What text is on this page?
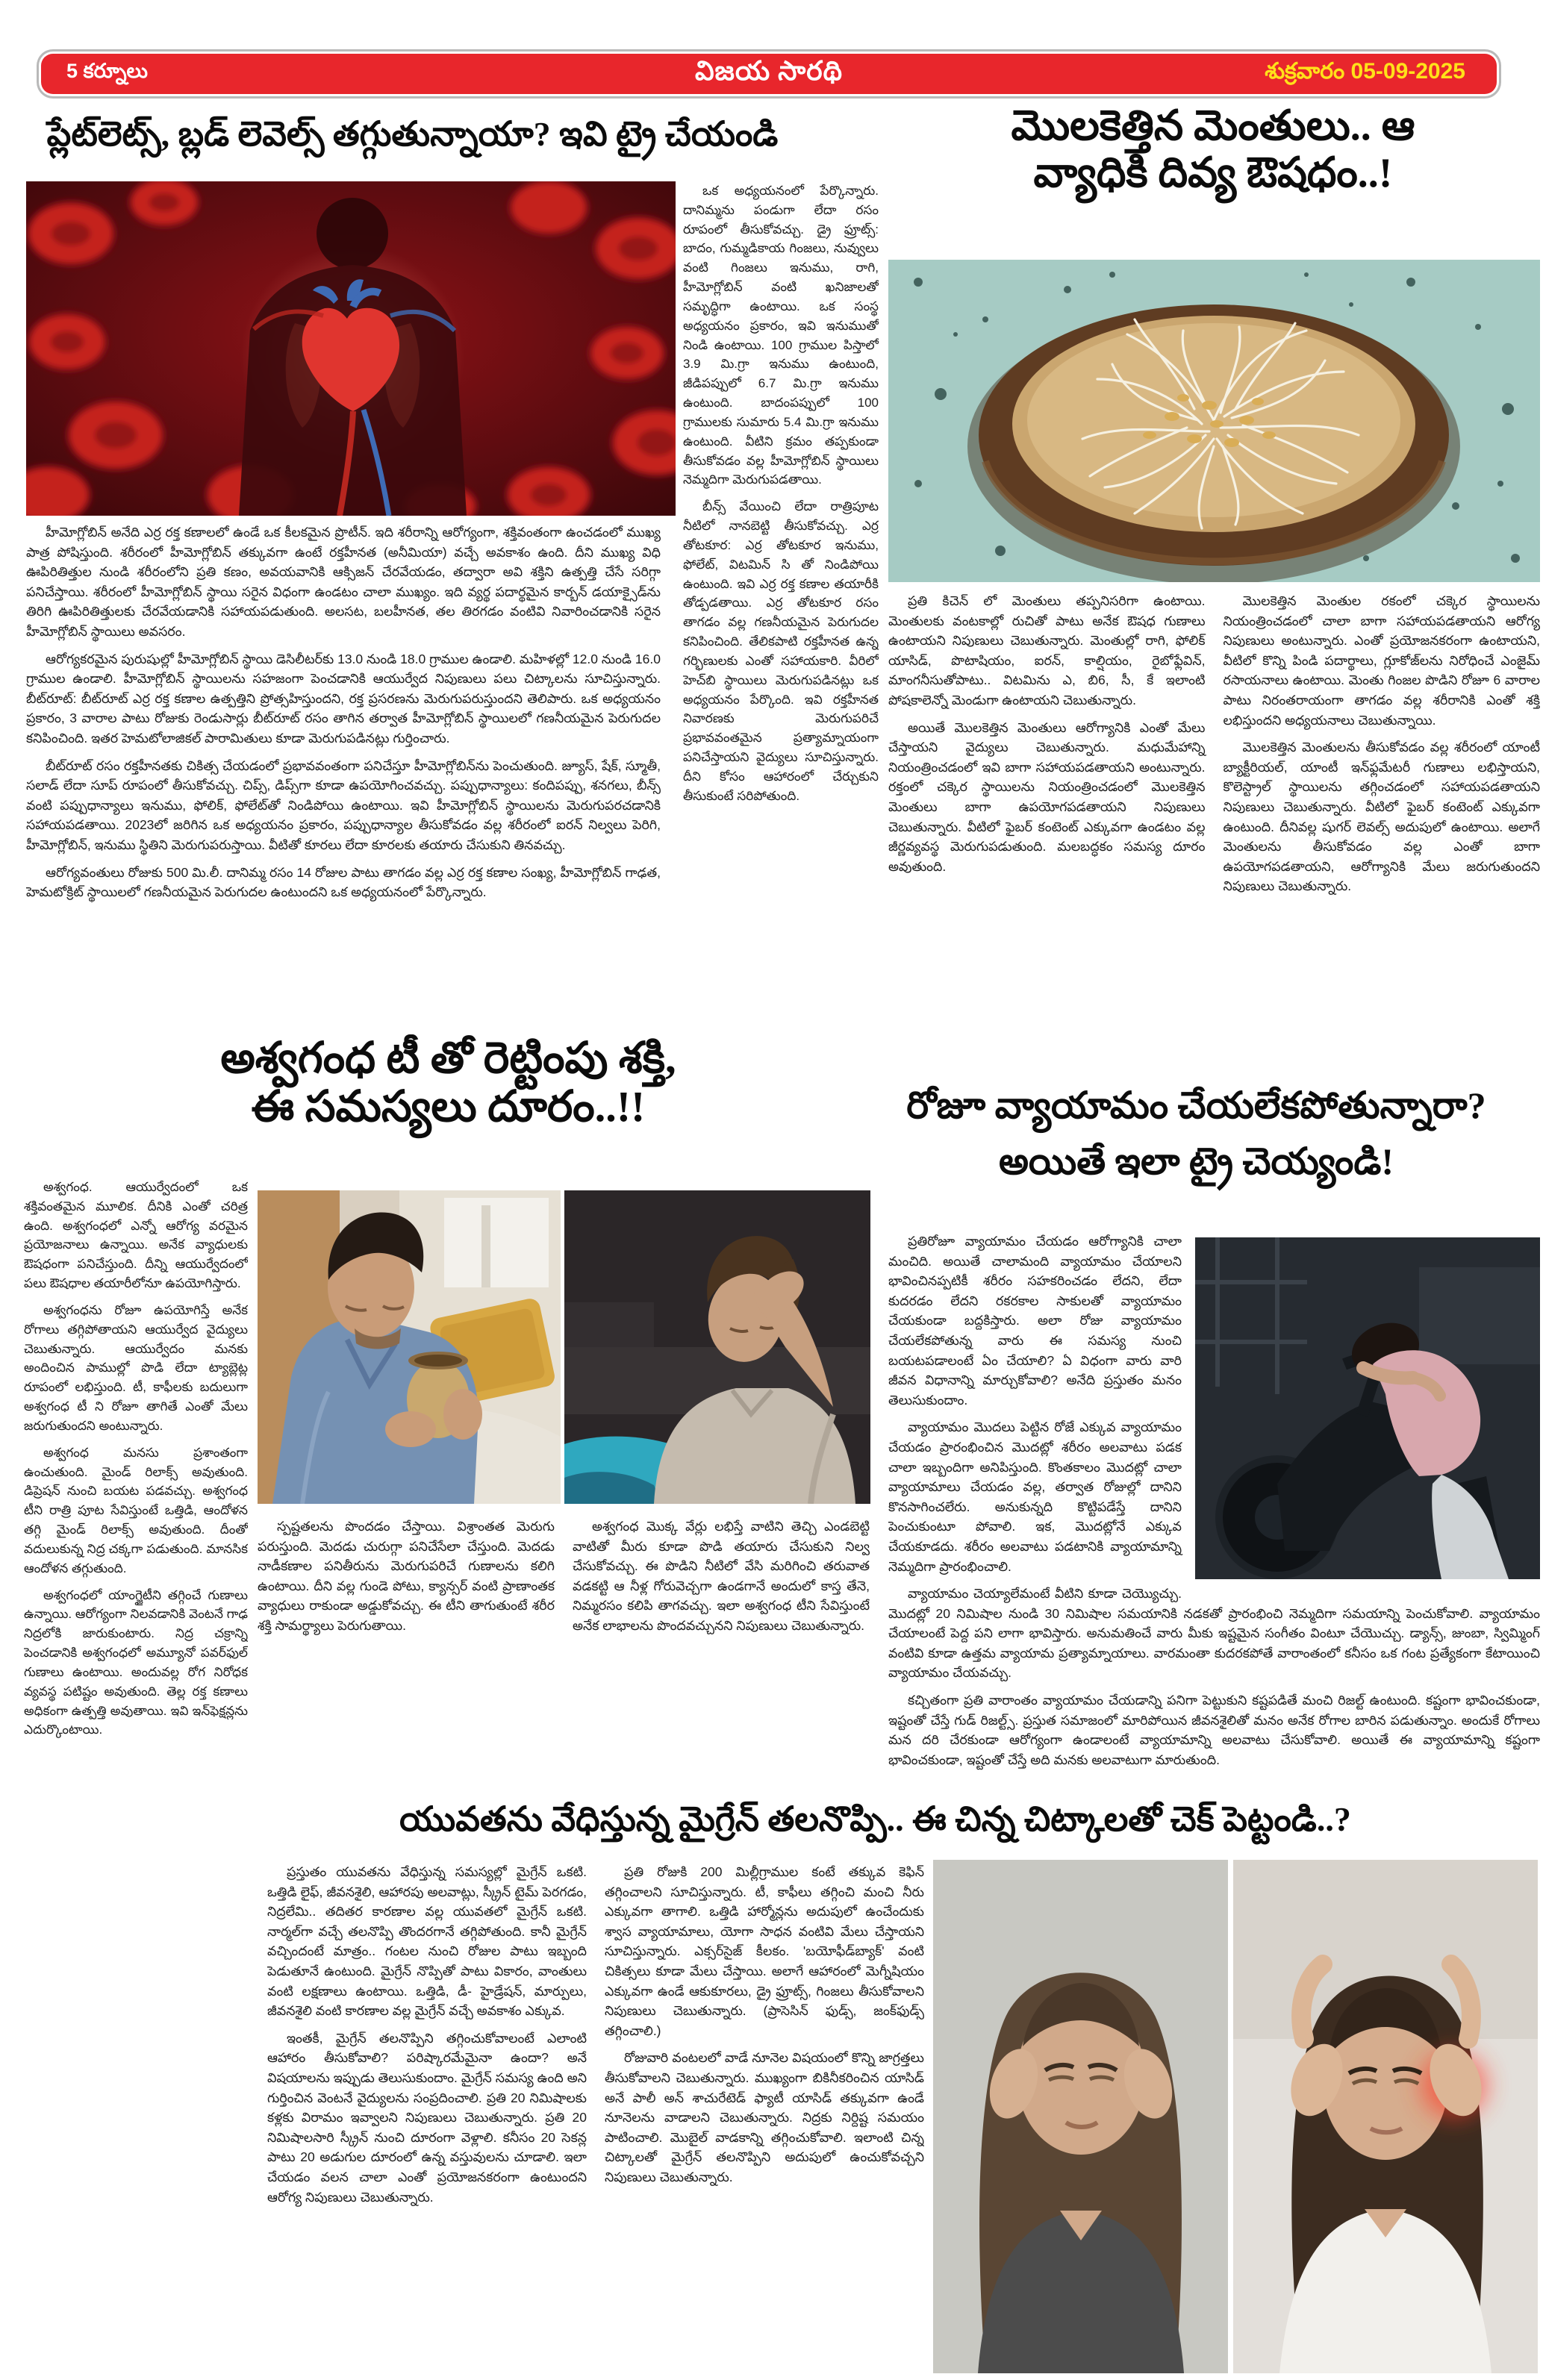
5 కర్నూలు	విజయ సారథి	శుక్రవారం 05-09-2025
ప్లేట్‌లెట్స్, బ్లడ్ లెవెల్స్ తగ్గుతున్నాయా? ఇవి ట్రై చేయండి

ఒక అధ్యయనంలో పేర్కొన్నారు. దానిమ్మను పండుగా లేదా రసం రూపంలో తీసుకోవచ్చు. డ్రై ఫ్రూట్స్: బాదం, గుమ్మడికాయ గింజలు, నువ్వులు వంటి గింజలు ఇనుము, రాగి, హీమోగ్లోబిన్ వంటి ఖనిజాలతో సమృద్ధిగా ఉంటాయి. ఒక సంస్థ అధ్యయనం ప్రకారం, ఇవి ఇనుముతో నిండి ఉంటాయి. 100 గ్రాముల పిస్తాలో 3.9 మి.గ్రా ఇనుము ఉంటుంది, జీడిపప్పులో 6.7 మి.గ్రా ఇనుము ఉంటుంది. బాదంపప్పులో 100 గ్రాములకు సుమారు 5.4 మి.గ్రా ఇనుము ఉంటుంది. వీటిని క్రమం తప్పకుండా తీసుకోవడం వల్ల హీమోగ్లోబిన్ స్థాయిలు నెమ్మదిగా మెరుగుపడతాయి.

బీన్స్ వేయించి లేదా రాత్రిపూట నీటిలో నానబెట్టి తీసుకోవచ్చు. ఎర్ర తోటకూర: ఎర్ర తోటకూర ఇనుము, ఫోలేట్, విటమిన్ సి తో నిండిపోయి ఉంటుంది. ఇవి ఎర్ర రక్త కణాల తయారీకి తోడ్పడతాయి. ఎర్ర తోటకూర రసం తాగడం వల్ల గణనీయమైన పెరుగుదల కనిపించింది. తేలికపాటి రక్తహీనత ఉన్న గర్భిణులకు ఎంతో సహాయకారి. వీరిలో హెచ్‌బి స్థాయిలు మెరుగుపడినట్లు ఒక అధ్యయనం పేర్కొంది. ఇవి రక్తహీనత నివారణకు మెరుగుపరిచే ప్రభావవంతమైన ప్రత్యామ్నాయంగా పనిచేస్తాయని వైద్యులు సూచిస్తున్నారు. దీని కోసం ఆహారంలో చేర్చుకుని తీసుకుంటే సరిపోతుంది.

హీమోగ్లోబిన్ అనేది ఎర్ర రక్త కణాలలో ఉండే ఒక కీలకమైన ప్రొటీన్. ఇది శరీరాన్ని ఆరోగ్యంగా, శక్తివంతంగా ఉంచడంలో ముఖ్య పాత్ర పోషిస్తుంది. శరీరంలో హీమోగ్లోబిన్ తక్కువగా ఉంటే రక్తహీనత (అనీమియా) వచ్చే అవకాశం ఉంది. దీని ముఖ్య విధి ఊపిరితిత్తుల నుండి శరీరంలోని ప్రతి కణం, అవయవానికి ఆక్సిజన్ చేరవేయడం, తద్వారా అవి శక్తిని ఉత్పత్తి చేసే సరిగ్గా పనిచేస్తాయి. శరీరంలో హీమోగ్లోబిన్ స్థాయి సరైన విధంగా ఉండటం చాలా ముఖ్యం. ఇది వ్యర్థ పదార్థమైన కార్బన్ డయాక్సైడ్‌ను తిరిగి ఊపిరితిత్తులకు చేరవేయడానికి సహాయపడుతుంది. అలసట, బలహీనత, తల తిరగడం వంటివి నివారించడానికి సరైన హీమోగ్లోబిన్ స్థాయిలు అవసరం.

ఆరోగ్యకరమైన పురుషుల్లో హీమోగ్లోబిన్ స్థాయి డెసిలీటర్‌కు 13.0 నుండి 18.0 గ్రాముల ఉండాలి. మహిళల్లో 12.0 నుండి 16.0 గ్రాముల ఉండాలి. హీమోగ్లోబిన్ స్థాయిలను సహజంగా పెంచడానికి ఆయుర్వేద నిపుణులు పలు చిట్కాలను సూచిస్తున్నారు. బీట్‌రూట్: బీట్‌రూట్ ఎర్ర రక్త కణాల ఉత్పత్తిని ప్రోత్సహిస్తుందని, రక్త ప్రసరణను మెరుగుపరుస్తుందని తెలిపారు. ఒక అధ్యయనం ప్రకారం, 3 వారాల పాటు రోజుకు రెండుసార్లు బీట్‌రూట్ రసం తాగిన తర్వాత హీమోగ్లోబిన్ స్థాయిలలో గణనీయమైన పెరుగుదల కనిపించింది. ఇతర హెమటోలాజికల్ పారామితులు కూడా మెరుగుపడినట్లు గుర్తించారు.

బీట్‌రూట్ రసం రక్తహీనతకు చికిత్స చేయడంలో ప్రభావవంతంగా పనిచేస్తూ హీమోగ్లోబిన్‌ను పెంచుతుంది. జ్యూస్, షేక్, స్మూతీ, సలాడ్ లేదా సూప్ రూపంలో తీసుకోవచ్చు. చిప్స్, డిప్స్‌గా కూడా ఉపయోగించవచ్చు. పప్పుధాన్యాలు: కందిపప్పు, శనగలు, బీన్స్ వంటి పప్పుధాన్యాలు ఇనుము, ఫోలిక్, ఫోలేట్‌తో నిండిపోయి ఉంటాయి. ఇవి హీమోగ్లోబిన్ స్థాయిలను మెరుగుపరచడానికి సహాయపడతాయి. 2023లో జరిగిన ఒక అధ్యయనం ప్రకారం, పప్పుధాన్యాల తీసుకోవడం వల్ల శరీరంలో ఐరన్ నిల్వలు పెరిగి, హీమోగ్లోబిన్, ఇనుము స్థితిని మెరుగుపరుస్తాయి. వీటితో కూరలు లేదా కూరలకు తయారు చేసుకుని తినవచ్చు.

ఆరోగ్యవంతులు రోజుకు 500 మి.లీ. దానిమ్మ రసం 14 రోజుల పాటు తాగడం వల్ల ఎర్ర రక్త కణాల సంఖ్య, హీమోగ్లోబిన్ గాఢత, హెమటోక్రిట్ స్థాయిలలో గణనీయమైన పెరుగుదల ఉంటుందని ఒక అధ్యయనంలో పేర్కొన్నారు.

మొలకెత్తిన మెంతులు.. ఆ
వ్యాధికి దివ్య ఔషధం..!

ప్రతి కిచెన్ లో మెంతులు తప్పనిసరిగా ఉంటాయి. మెంతులకు వంటకాల్లో రుచితో పాటు అనేక ఔషధ గుణాలు ఉంటాయని నిపుణులు చెబుతున్నారు. మెంతుల్లో రాగి, ఫోలిక్ యాసిడ్, పొటాషియం, ఐరన్, కాల్షియం, రైబోఫ్లేవిన్, మాంగనీసుతోపాటు.. విటమిను ఎ, బి6, సీ, కే ఇలాంటి పోషకాలెన్నో మెండుగా ఉంటాయని చెబుతున్నారు.

అయితే మొలకెత్తిన మెంతులు ఆరోగ్యానికి ఎంతో మేలు చేస్తాయని వైద్యులు చెబుతున్నారు. మధుమేహాన్ని నియంత్రించడంలో ఇవి బాగా సహాయపడతాయని అంటున్నారు. రక్తంలో చక్కెర స్థాయిలను నియంత్రించడంలో మొలకెత్తిన మెంతులు బాగా ఉపయోగపడతాయని నిపుణులు చెబుతున్నారు. వీటిలో ఫైబర్ కంటెంట్ ఎక్కువగా ఉండటం వల్ల జీర్ణవ్యవస్థ మెరుగుపడుతుంది. మలబద్ధకం సమస్య దూరం అవుతుంది.

మొలకెత్తిన మెంతుల రకంలో చక్కెర స్థాయిలను నియంత్రించడంలో చాలా బాగా సహాయపడతాయని ఆరోగ్య నిపుణులు అంటున్నారు. ఎంతో ప్రయోజనకరంగా ఉంటాయని, వీటిలో కొన్ని పిండి పదార్థాలు, గ్లూకోజ్‌లను నిరోధించే ఎంజైమ్ రసాయనాలు ఉంటాయి. మెంతు గింజల పొడిని రోజూ 6 వారాల పాటు నిరంతరాయంగా తాగడం వల్ల శరీరానికి ఎంతో శక్తి లభిస్తుందని అధ్యయనాలు చెబుతున్నాయి.

మొలకెత్తిన మెంతులను తీసుకోవడం వల్ల శరీరంలో యాంటీ బ్యాక్టీరియల్, యాంటీ ఇన్‌ఫ్లమేటరీ గుణాలు లభిస్తాయని, కొలెస్ట్రాల్ స్థాయిలను తగ్గించడంలో సహాయపడతాయని నిపుణులు చెబుతున్నారు. వీటిలో ఫైబర్ కంటెంట్ ఎక్కువగా ఉంటుంది. దీనివల్ల షుగర్ లెవల్స్ అదుపులో ఉంటాయి. అలాగే మెంతులను తీసుకోవడం వల్ల ఎంతో బాగా ఉపయోగపడతాయని, ఆరోగ్యానికి మేలు జరుగుతుందని నిపుణులు చెబుతున్నారు.

అశ్వగంధ టీ తో రెట్టింపు శక్తి,
ఈ సమస్యలు దూరం..!!

అశ్వగంధ. ఆయుర్వేదంలో ఒక శక్తివంతమైన మూలిక. దీనికి ఎంతో చరిత్ర ఉంది. అశ్వగంధలో ఎన్నో ఆరోగ్య వరమైన ప్రయోజనాలు ఉన్నాయి. అనేక వ్యాధులకు ఔషధంగా పనిచేస్తుంది. దీన్ని ఆయుర్వేదంలో పలు ఔషధాల తయారీలోనూ ఉపయోగిస్తారు.

అశ్వగంధను రోజూ ఉపయోగిస్తే అనేక రోగాలు తగ్గిపోతాయని ఆయుర్వేద వైద్యులు చెబుతున్నారు. ఆయుర్వేదం మనకు అందించిన పాముల్లో పొడి లేదా ట్యాబ్లెట్ల రూపంలో లభిస్తుంది. టీ, కాఫీలకు బదులుగా అశ్వగంధ టీ ని రోజూ తాగితే ఎంతో మేలు జరుగుతుందని అంటున్నారు.

అశ్వగంధ మనసు ప్రశాంతంగా ఉంచుతుంది. మైండ్ రిలాక్స్ అవుతుంది. డిప్రెషన్ నుంచి బయట పడవచ్చు. అశ్వగంధ టీని రాత్రి పూట సేవిస్తుంటే ఒత్తిడి, ఆందోళన తగ్గి మైండ్ రిలాక్స్ అవుతుంది. దీంతో వదులుకున్న నిద్ర చక్కగా పడుతుంది. మానసిక ఆందోళన తగ్గుతుంది.

అశ్వగంధలో యాంగ్జైటీని తగ్గించే గుణాలు ఉన్నాయి. ఆరోగ్యంగా నిలవడానికి వెంటనే గాఢ నిద్రలోకి జారుకుంటారు. నిద్ర చక్రాన్ని పెంచడానికి అశ్వగంధలో అమ్యూనో పవర్‌ఫుల్ గుణాలు ఉంటాయి. అందువల్ల రోగ నిరోధక వ్యవస్థ పటిష్టం అవుతుంది. తెల్ల రక్త కణాలు అధికంగా ఉత్పత్తి అవుతాయి. ఇవి ఇన్‌ఫెక్షన్లను ఎదుర్కొంటాయి.

స్పష్టతలను పొందడం చేస్తాయి. విశ్రాంతత మెరుగు పరుస్తుంది. మెదడు చురుగ్గా పనిచేసేలా చేస్తుంది. మెదడు నాడీకణాల పనితీరును మెరుగుపరిచే గుణాలను కలిగి ఉంటాయి. దీని వల్ల గుండె పోటు, క్యాన్సర్ వంటి ప్రాణాంతక వ్యాధులు రాకుండా అడ్డుకోవచ్చు. ఈ టీని తాగుతుంటే శరీర శక్తి సామర్థ్యాలు పెరుగుతాయి.

అశ్వగంధ మొక్క వేర్లు లభిస్తే వాటిని తెచ్చి ఎండబెట్టి వాటితో మీరు కూడా పొడి తయారు చేసుకుని నిల్వ చేసుకోవచ్చు. ఈ పొడిని నీటిలో వేసి మరిగించి తరువాత వడకట్టి ఆ నీళ్ల గోరువెచ్చగా ఉండగానే అందులో కాస్త తేనె, నిమ్మరసం కలిపి తాగవచ్చు. ఇలా అశ్వగంధ టీని సేవిస్తుంటే అనేక లాభాలను పొందవచ్చునని నిపుణులు చెబుతున్నారు.

రోజూ వ్యాయామం చేయలేకపోతున్నారా?
అయితే ఇలా ట్రై చెయ్యండి!

ప్రతిరోజూ వ్యాయామం చేయడం ఆరోగ్యానికి చాలా మంచిది. అయితే చాలామంది వ్యాయామం చేయాలని భావించినప్పటికీ శరీరం సహకరించడం లేదని, లేదా కుదరడం లేదని రకరకాల సాకులతో వ్యాయామం చేయకుండా బద్దకిస్తారు. అలా రోజు వ్యాయామం చేయలేకపోతున్న వారు ఈ సమస్య నుంచి బయటపడాలంటే ఏం చేయాలి? ఏ విధంగా వారు వారి జీవన విధానాన్ని మార్చుకోవాలి? అనేది ప్రస్తుతం మనం తెలుసుకుందాం.

వ్యాయామం మొదలు పెట్టిన రోజే ఎక్కువ వ్యాయామం చేయడం ప్రారంభించిన మొదట్లో శరీరం అలవాటు పడక చాలా ఇబ్బందిగా అనిపిస్తుంది. కొంతకాలం మొదట్లో చాలా వ్యాయామాలు చేయడం వల్ల, తర్వాత రోజుల్లో దానిని కొనసాగించలేరు. అనుకున్నది కొట్టిపడేస్తే దానిని పెంచుకుంటూ పోవాలి. ఇక, మొదట్లోనే ఎక్కువ చేయకూడదు. శరీరం అలవాటు పడటానికి వ్యాయామాన్ని నెమ్మదిగా ప్రారంభించాలి.

వ్యాయామం చెయ్యాలేమంటే వీటిని కూడా చెయ్యొచ్చు. మొదట్లో 20 నిమిషాల నుండి 30 నిమిషాల సమయానికి నడకతో ప్రారంభించి నెమ్మదిగా సమయాన్ని పెంచుకోవాలి. వ్యాయామం చేయాలంటే పెద్ద పని లాగా భావిస్తారు. అనుమతించే వారు మీకు ఇష్టమైన సంగీతం వింటూ చేయొచ్చు. డ్యాన్స్, జుంబా, స్విమ్మింగ్ వంటివి కూడా ఉత్తమ వ్యాయామ ప్రత్యామ్నాయాలు. వారమంతా కుదరకపోతే వారాంతంలో కనీసం ఒక గంట ప్రత్యేకంగా కేటాయించి వ్యాయామం చేయవచ్చు.

కచ్చితంగా ప్రతి వారాంతం వ్యాయామం చేయడాన్ని పనిగా పెట్టుకుని కష్టపడితే మంచి రిజల్ట్ ఉంటుంది. కష్టంగా భావించకుండా, ఇష్టంతో చేస్తే గుడ్ రిజల్ట్స్. ప్రస్తుత సమాజంలో మారిపోయిన జీవనశైలితో మనం అనేక రోగాల బారిన పడుతున్నాం. అందుకే రోగాలు మన దరి చేరకుండా ఆరోగ్యంగా ఉండాలంటే వ్యాయామాన్ని అలవాటు చేసుకోవాలి. అయితే ఈ వ్యాయామాన్ని కష్టంగా భావించకుండా, ఇష్టంతో చేస్తే అది మనకు అలవాటుగా మారుతుంది.

యువతను వేధిస్తున్న మైగ్రేన్ తలనొప్పి.. ఈ చిన్న చిట్కాలతో చెక్ పెట్టండి..?

ప్రస్తుతం యువతను వేధిస్తున్న సమస్యల్లో మైగ్రేన్ ఒకటి. ఒత్తిడి లైఫ్, జీవనశైలి, ఆహారపు అలవాట్లు, స్క్రీన్ టైమ్ పెరగడం, నిద్రలేమి.. తదితర కారణాల వల్ల యువతలో మైగ్రేన్ ఒకటి. నార్మల్‌గా వచ్చే తలనొప్పి తొందరగానే తగ్గిపోతుంది. కానీ మైగ్రేన్ వచ్చిందంటే మాత్రం.. గంటల నుంచి రోజుల పాటు ఇబ్బంది పెడుతూనే ఉంటుంది. మైగ్రేన్ నొప్పితో పాటు వికారం, వాంతులు వంటి లక్షణాలు ఉంటాయి. ఒత్తిడి, డీ- హైడ్రేషన్, మార్పులు, జీవనశైలి వంటి కారణాల వల్ల మైగ్రేన్ వచ్చే అవకాశం ఎక్కువ.

ఇంతకీ, మైగ్రేన్ తలనొప్పిని తగ్గించుకోవాలంటే ఎలాంటి ఆహారం తీసుకోవాలి? పరిష్కారమేమైనా ఉందా? అనే విషయాలను ఇప్పుడు తెలుసుకుందాం. మైగ్రేన్ సమస్య ఉంది అని గుర్తించిన వెంటనే వైద్యులను సంప్రదించాలి. ప్రతి 20 నిమిషాలకు కళ్లకు విరామం ఇవ్వాలని నిపుణులు చెబుతున్నారు. ప్రతి 20 నిమిషాలసారి స్క్రీన్ నుంచి దూరంగా వెళ్లాలి. కనీసం 20 సెకన్ల పాటు 20 అడుగుల దూరంలో ఉన్న వస్తువులను చూడాలి. ఇలా చేయడం వలన చాలా ఎంతో ప్రయోజనకరంగా ఉంటుందని ఆరోగ్య నిపుణులు చెబుతున్నారు.

ప్రతి రోజుకి 200 మిల్లీగ్రాముల కంటే తక్కువ కెఫిన్ తగ్గించాలని సూచిస్తున్నారు. టీ, కాఫీలు తగ్గించి మంచి నీరు ఎక్కువగా తాగాలి. ఒత్తిడి హార్మోన్లను అదుపులో ఉంచేందుకు శ్వాస వ్యాయామాలు, యోగా సాధన వంటివి మేలు చేస్తాయని సూచిస్తున్నారు. ఎక్సర్‌సైజ్ కీలకం. 'బయోఫీడ్‌బ్యాక్' వంటి చికిత్సలు కూడా మేలు చేస్తాయి. అలాగే ఆహారంలో మెగ్నీషియం ఎక్కువగా ఉండే ఆకుకూరలు, డ్రై ఫ్రూట్స్, గింజలు తీసుకోవాలని నిపుణులు చెబుతున్నారు. (ప్రాసెసిన్ ఫుడ్స్, జంక్‌ఫుడ్స్ తగ్గించాలి.)

రోజువారి వంటలలో వాడే నూనెల విషయంలో కొన్ని జాగ్రత్తలు తీసుకోవాలని చెబుతున్నారు. ముఖ్యంగా బికినీకరించిన యాసిడ్ అనే పాలీ అన్ శాచురేటెడ్ ఫ్యాటీ యాసిడ్ తక్కువగా ఉండే నూనెలను వాడాలని చెబుతున్నారు. నిద్రకు నిర్దిష్ట సమయం పాటించాలి. మొబైల్ వాడకాన్ని తగ్గించుకోవాలి. ఇలాంటి చిన్న చిట్కాలతో మైగ్రేన్ తలనొప్పిని అదుపులో ఉంచుకోవచ్చని నిపుణులు చెబుతున్నారు.
